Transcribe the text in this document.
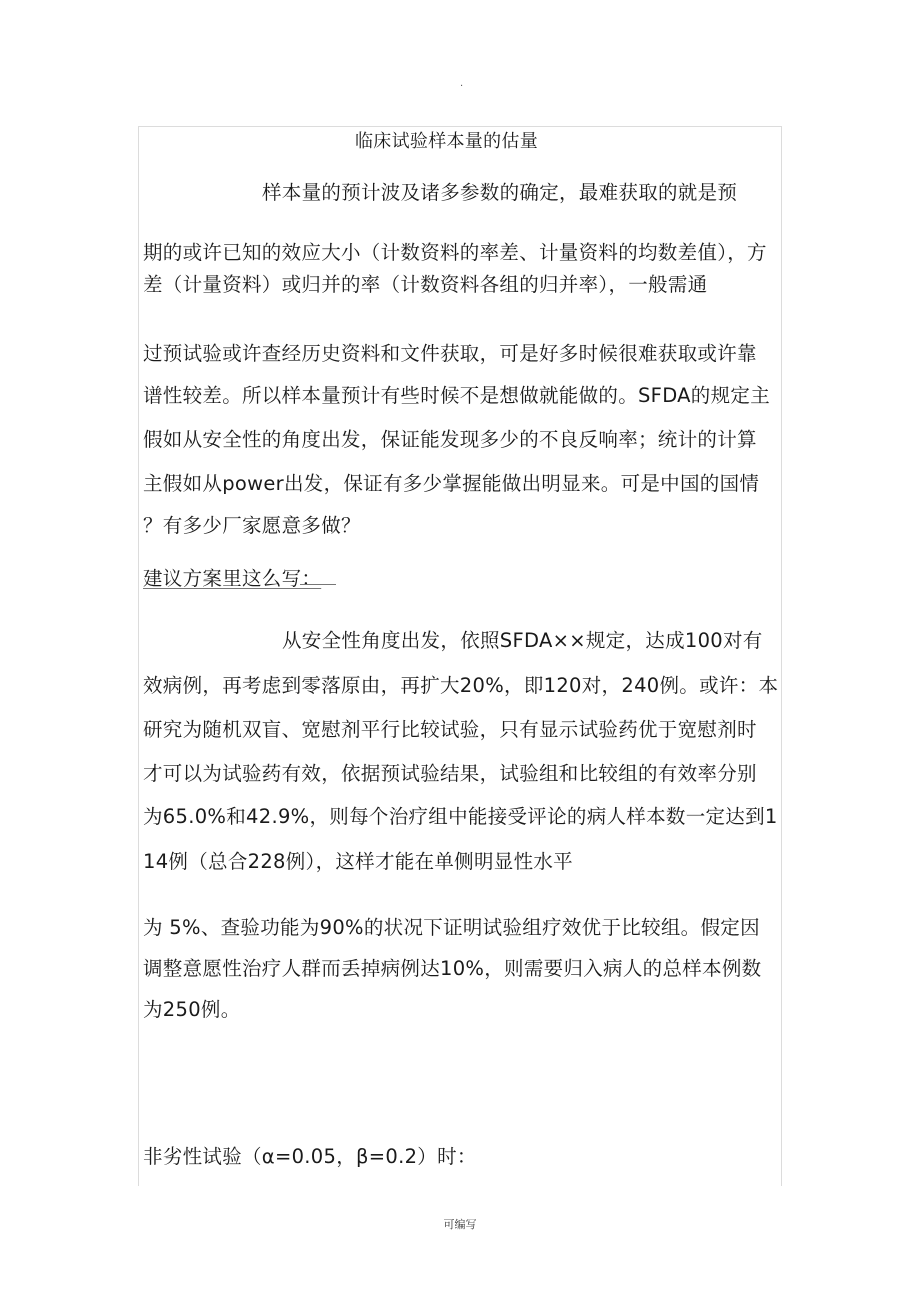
.
临床试验样本量的估量
样本量的预计波及诸多参数的确定，最难获取的就是预
期的或许已知的效应大小（计数资料的率差、计量资料的均数差值），方
差（计量资料）或归并的率（计数资料各组的归并率），一般需通
过预试验或许查经历史资料和文件获取，可是好多时候很难获取或许靠
谱性较差。所以样本量预计有些时候不是想做就能做的。SFDA的规定主
假如从安全性的角度出发，保证能发现多少的不良反响率；统计的计算
主假如从power出发，保证有多少掌握能做出明显来。可是中国的国情
？有多少厂家愿意多做？
建议方案里这么写：
从安全性角度出发，依照SFDA××规定，达成100对有
效病例，再考虑到零落原由，再扩大20%，即120对，240例。或许：本
研究为随机双盲、宽慰剂平行比较试验，只有显示试验药优于宽慰剂时
才可以为试验药有效，依据预试验结果，试验组和比较组的有效率分别
为65.0%和42.9%，则每个治疗组中能接受评论的病人样本数一定达到1
14例（总合228例），这样才能在单侧明显性水平
为 5%、查验功能为90%的状况下证明试验组疗效优于比较组。假定因
调整意愿性治疗人群而丢掉病例达10%，则需要归入病人的总样本例数
为250例。
非劣性试验（α=0.05，β=0.2）时：
可编写
